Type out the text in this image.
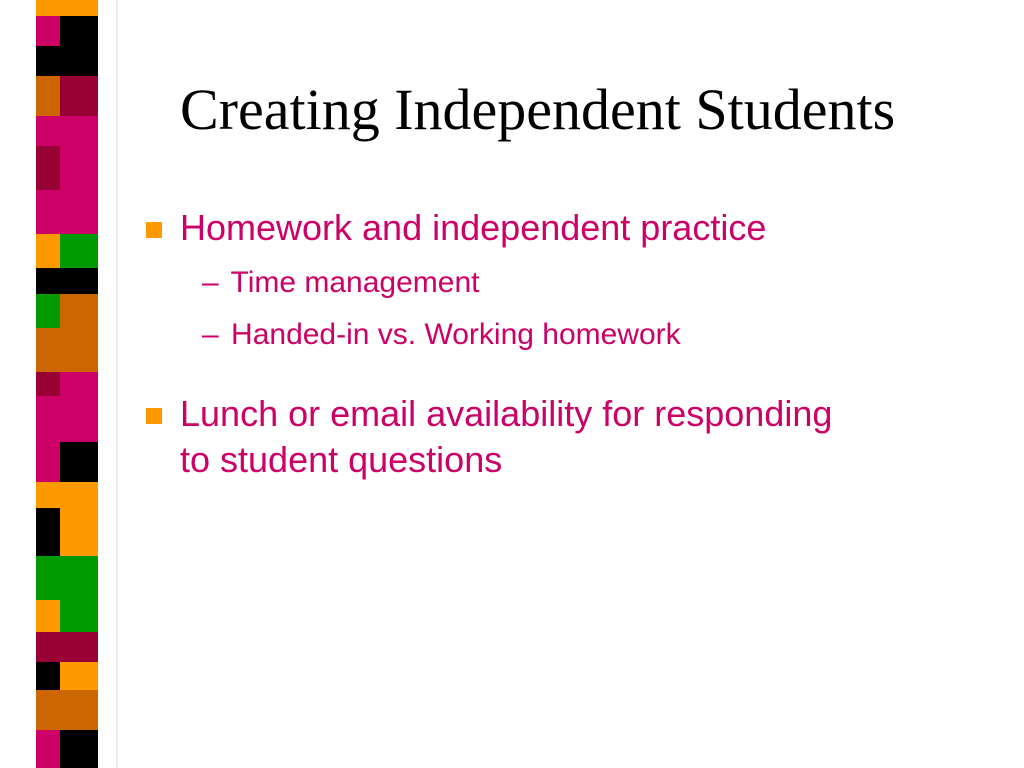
Creating Independent Students
Homework and independent practice
– Time management
– Handed-in vs. Working homework
Lunch or email availability for responding to student questions
